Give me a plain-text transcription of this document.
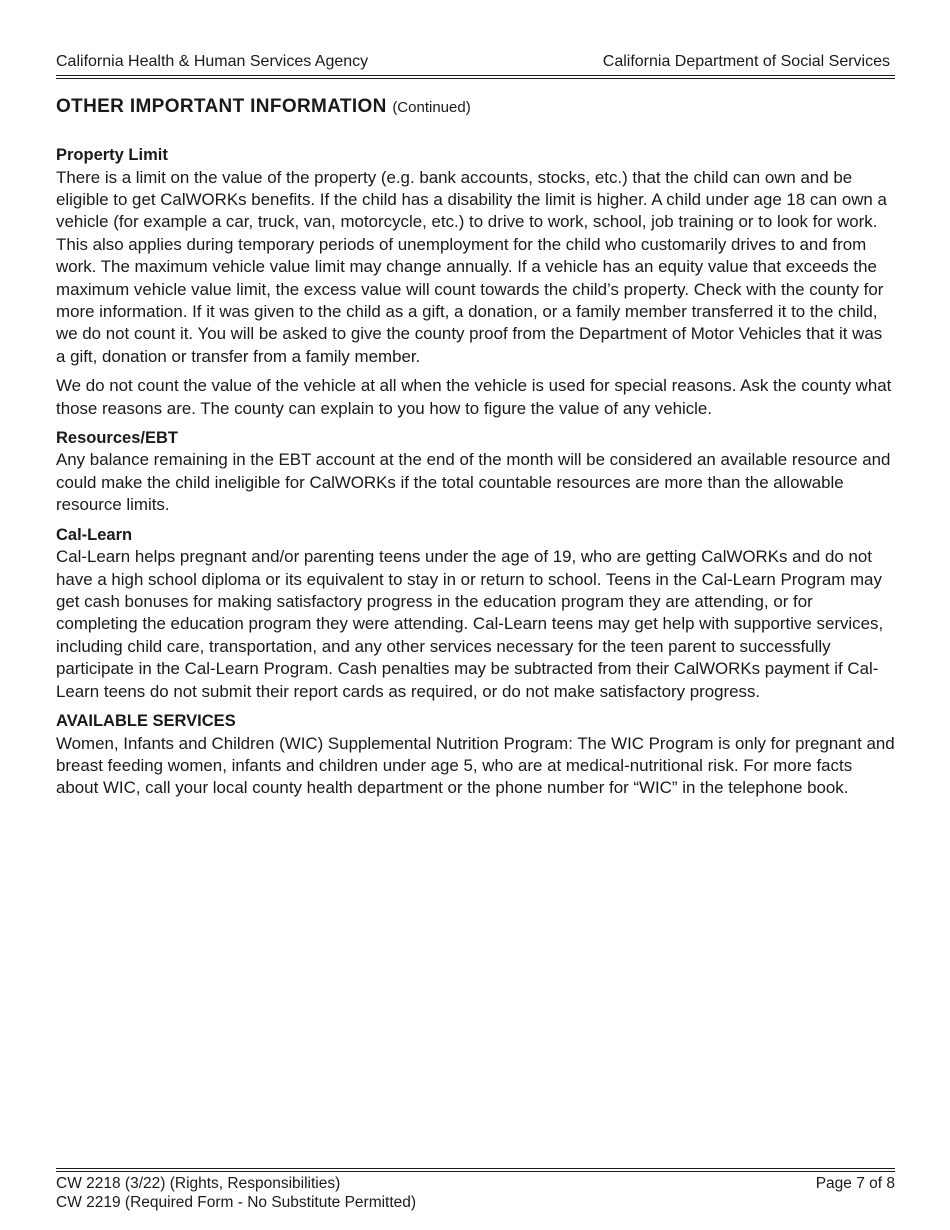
California Health & Human Services Agency	California Department of Social Services
OTHER IMPORTANT INFORMATION (Continued)
Property Limit

There is a limit on the value of the property (e.g. bank accounts, stocks, etc.) that the child can own and be eligible to get CalWORKs benefits. If the child has a disability the limit is higher. A child under age 18 can own a vehicle (for example a car, truck, van, motorcycle, etc.) to drive to work, school, job training or to look for work. This also applies during temporary periods of unemployment for the child who customarily drives to and from work. The maximum vehicle value limit may change annually. If a vehicle has an equity value that exceeds the maximum vehicle value limit, the excess value will count towards the child’s property. Check with the county for more information. If it was given to the child as a gift, a donation, or a family member transferred it to the child, we do not count it. You will be asked to give the county proof from the Department of Motor Vehicles that it was a gift, donation or transfer from a family member.

We do not count the value of the vehicle at all when the vehicle is used for special reasons. Ask the county what those reasons are. The county can explain to you how to figure the value of any vehicle.

Resources/EBT

Any balance remaining in the EBT account at the end of the month will be considered an available resource and could make the child ineligible for CalWORKs if the total countable resources are more than the allowable resource limits.

Cal-Learn

Cal-Learn helps pregnant and/or parenting teens under the age of 19, who are getting CalWORKs and do not have a high school diploma or its equivalent to stay in or return to school. Teens in the Cal-Learn Program may get cash bonuses for making satisfactory progress in the education program they are attending, or for completing the education program they were attending. Cal-Learn teens may get help with supportive services, including child care, transportation, and any other services necessary for the teen parent to successfully participate in the Cal-Learn Program. Cash penalties may be subtracted from their CalWORKs payment if Cal-Learn teens do not submit their report cards as required, or do not make satisfactory progress.

AVAILABLE SERVICES

Women, Infants and Children (WIC) Supplemental Nutrition Program: The WIC Program is only for pregnant and breast feeding women, infants and children under age 5, who are at medical-nutritional risk. For more facts about WIC, call your local county health department or the phone number for “WIC” in the telephone book.

CW 2218 (3/22) (Rights, Responsibilities)
CW 2219 (Required Form - No Substitute Permitted)
Page 7 of 8
